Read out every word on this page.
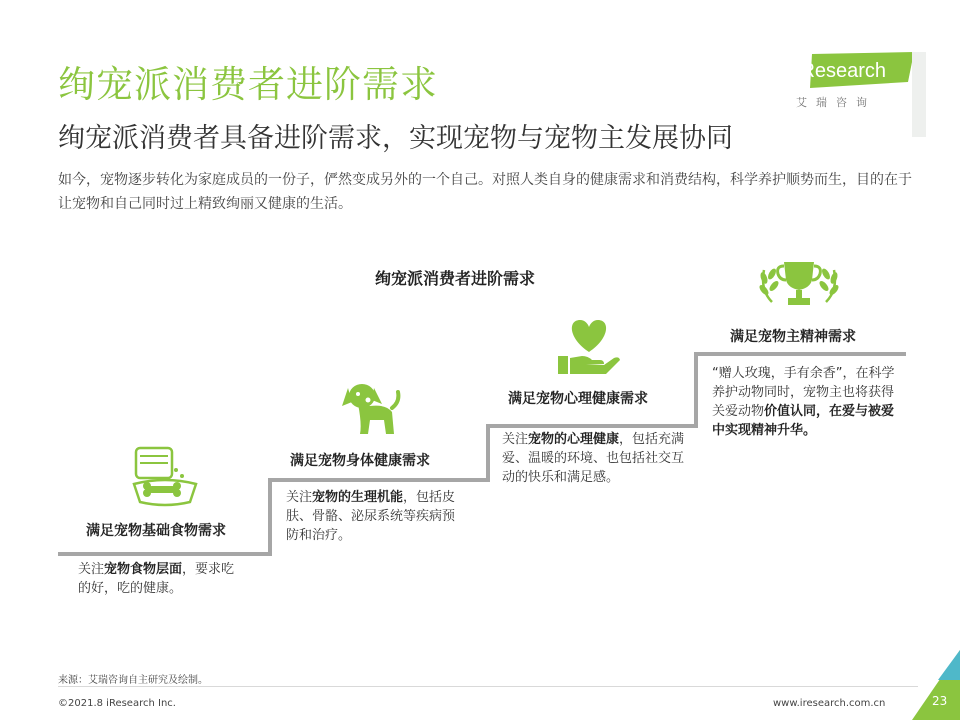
绚宠派消费者进阶需求
绚宠派消费者具备进阶需求，实现宠物与宠物主发展协同
如今，宠物逐步转化为家庭成员的一份子，俨然变成另外的一个自己。对照人类自身的健康需求和消费结构，科学养护顺势而生，目的在于让宠物和自己同时过上精致绚丽又健康的生活。
iResearch
艾瑞咨询
绚宠派消费者进阶需求
满足宠物基础食物需求
关注宠物食物层面，要求吃的好，吃的健康。
满足宠物身体健康需求
关注宠物的生理机能，包括皮肤、骨骼、泌尿系统等疾病预防和治疗。
满足宠物心理健康需求
关注宠物的心理健康，包括充满爱、温暖的环境、也包括社交互动的快乐和满足感。
满足宠物主精神需求
“赠人玫瑰，手有余香”，在科学养护动物同时，宠物主也将获得关爱动物价值认同，在爱与被爱中实现精神升华。
来源：艾瑞咨询自主研究及绘制。
©2021.8 iResearch Inc.	www.iresearch.com.cn	23
